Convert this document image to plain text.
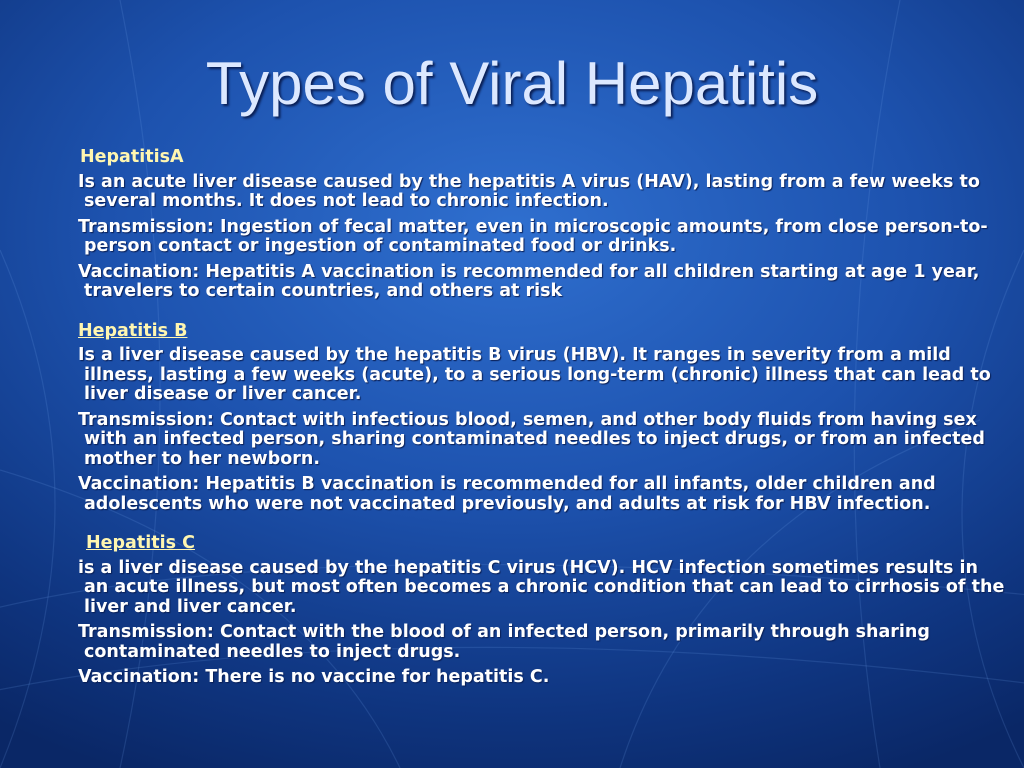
Types of Viral Hepatitis
HepatitisA

Is an acute liver disease caused by the hepatitis A virus (HAV), lasting from a few weeks to several months. It does not lead to chronic infection.

Transmission: Ingestion of fecal matter, even in microscopic amounts, from close person-to-person contact or ingestion of contaminated food or drinks.

Vaccination: Hepatitis A vaccination is recommended for all children starting at age 1 year, travelers to certain countries, and others at risk

Hepatitis B

Is a liver disease caused by the hepatitis B virus (HBV). It ranges in severity from a mild illness, lasting a few weeks (acute), to a serious long-term (chronic) illness that can lead to liver disease or liver cancer.

Transmission: Contact with infectious blood, semen, and other body fluids from having sex with an infected person, sharing contaminated needles to inject drugs, or from an infected mother to her newborn.

Vaccination: Hepatitis B vaccination is recommended for all infants, older children and adolescents who were not vaccinated previously, and adults at risk for HBV infection.

Hepatitis C

is a liver disease caused by the hepatitis C virus (HCV). HCV infection sometimes results in an acute illness, but most often becomes a chronic condition that can lead to cirrhosis of the liver and liver cancer.

Transmission: Contact with the blood of an infected person, primarily through sharing contaminated needles to inject drugs.

Vaccination: There is no vaccine for hepatitis C.
